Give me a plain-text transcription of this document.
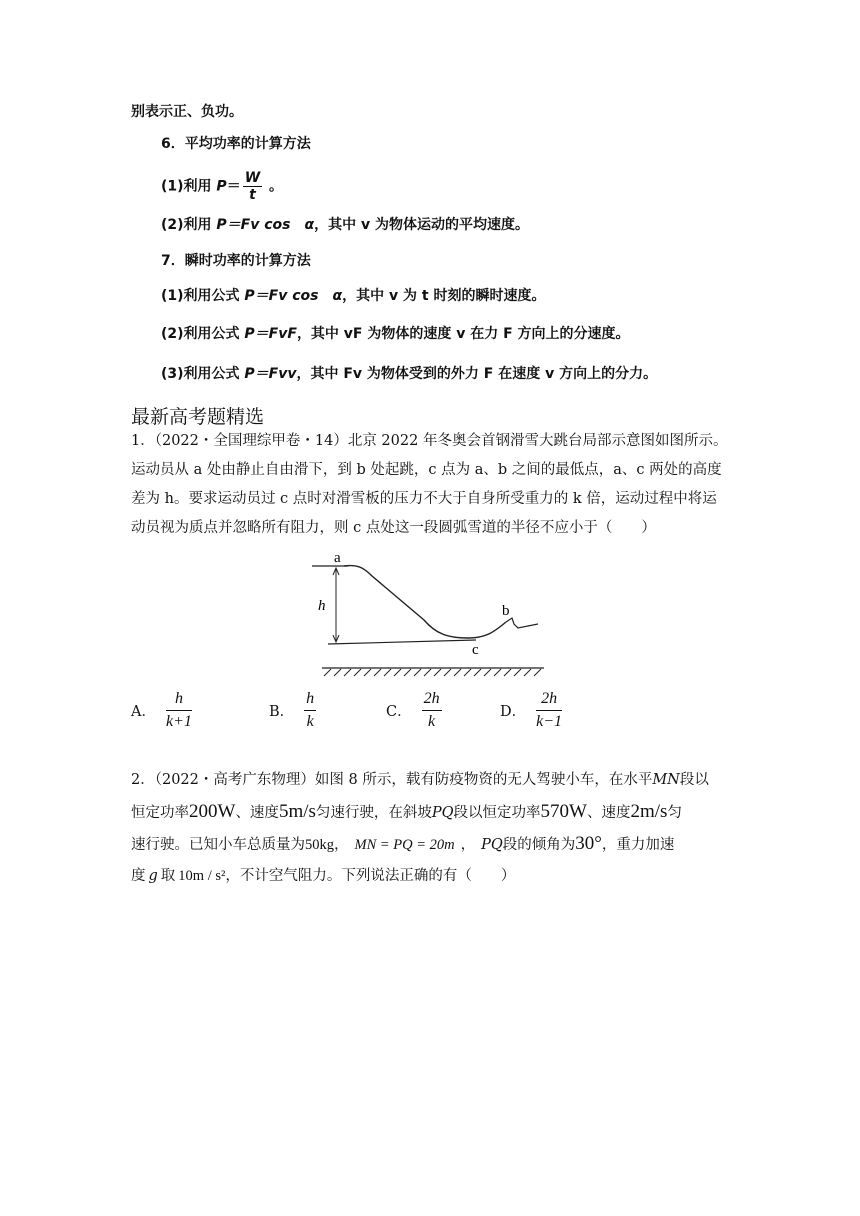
别表示正、负功。
6．平均功率的计算方法
(1)利用 $P= \frac{W}{t}$ 。
(2)利用 P＝Fv cos　α，其中 v 为物体运动的平均速度。
7．瞬时功率的计算方法
(1)利用公式 P＝Fv cos　α，其中 v 为 t 时刻的瞬时速度。
(2)利用公式 P＝FvF，其中 vF 为物体的速度 v 在力 F 方向上的分速度。
(3)利用公式 P＝Fvv，其中 Fv 为物体受到的外力 F 在速度 v 方向上的分力。
最新高考题精选
1．（2022・全国理综甲卷・14）北京 2022 年冬奥会首钢滑雪大跳台局部示意图如图所示。
运动员从 a 处由静止自由滑下，到 b 处起跳，c 点为 a、b 之间的最低点，a、c 两处的高度
差为 h。要求运动员过 c 点时对滑雪板的压力不大于自身所受重力的 k 倍，运动过程中将运
动员视为质点并忽略所有阻力，则 c 点处这一段圆弧雪道的半径不应小于（　　）
a
b
c
h
A． $\frac{h}{k+1}$	B． $\frac{h}{k}$	C． $\frac{2h}{k}$	D． $\frac{2h}{k-1}$
2．（2022・高考广东物理）如图 8 所示，载有防疫物资的无人驾驶小车，在水平MN段以
恒定功率200W、速度5m/s匀速行驶，在斜坡PQ段以恒定功率570W、速度2m/s匀
速行驶。已知小车总质量为50kg， MN = PQ = 20m ， PQ段的倾角为30°，重力加速
度 g 取 10m / s²，不计空气阻力。下列说法正确的有（　　）
